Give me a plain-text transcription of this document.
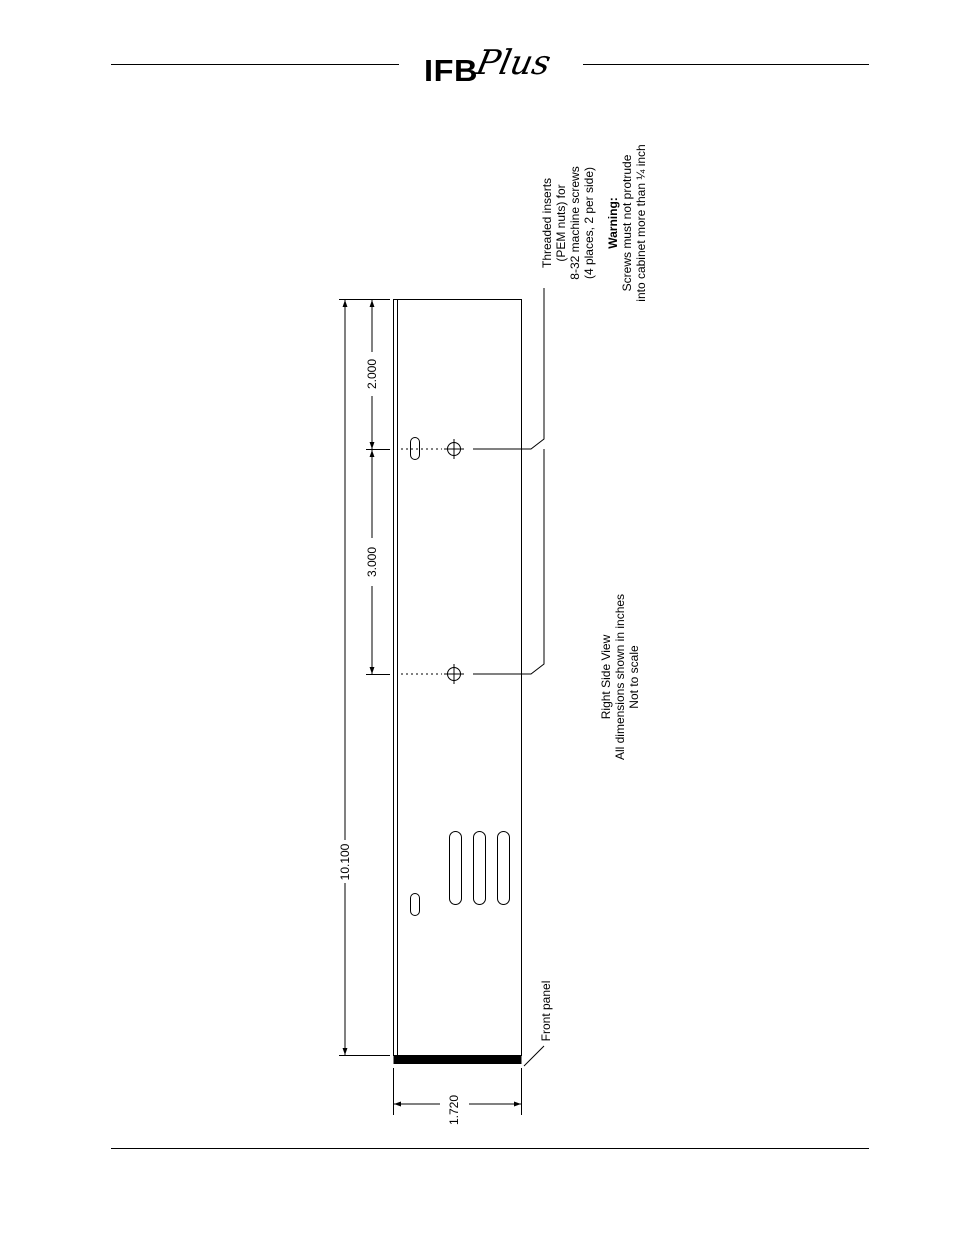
IFB
Plus
10.100
2.000
3.000
1.720
Threaded inserts (PEM nuts) for 8-32 machine screws (4 places, 2 per side) Warning: Screws must not protrude into cabinet more than ¼ inch
Right Side View All dimensions shown in inches Not to scale
Front panel
